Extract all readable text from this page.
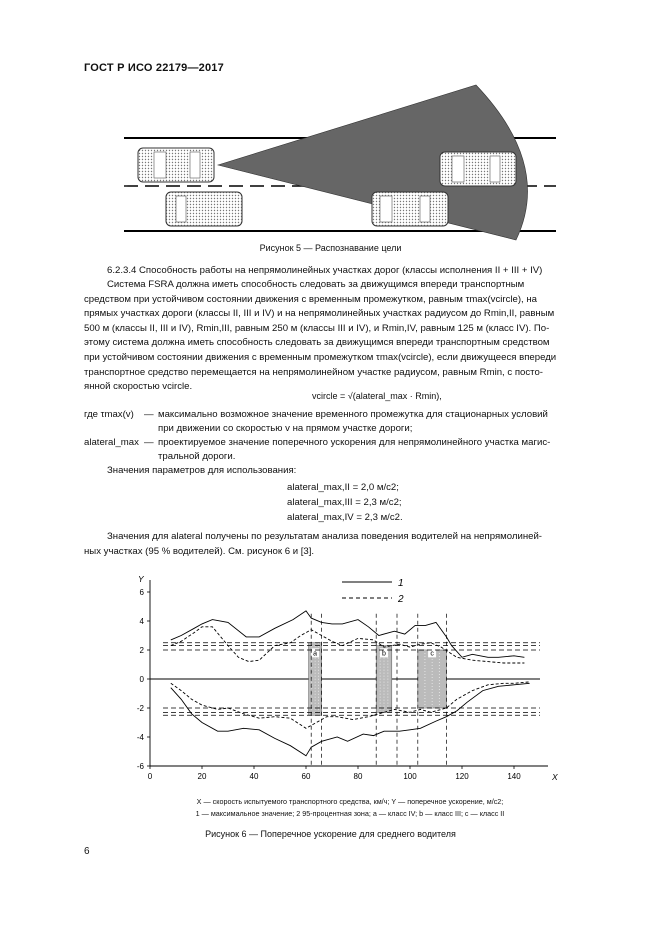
ГОСТ Р ИСО 22179—2017
Рисунок 5 — Распознавание цели
6.2.3.4 Способность работы на непрямолинейных участках дорог (классы исполнения II + III + IV)
Система FSRA должна иметь способность следовать за движущимся впереди транспортным
средством при устойчивом состоянии движения с временным промежутком, равным τmax(vcircle), на
прямых участках дороги (классы II, III и IV) и на непрямолинейных участках радиусом до Rmin,II, равным
500 м (классы II, III и IV), Rmin,III, равным 250 м (классы III и IV), и Rmin,IV, равным 125 м (класс IV). По-
этому система должна иметь способность следовать за движущимся впереди транспортным средством
при устойчивом состоянии движения с временным промежутком τmax(vcircle), если движущееся впереди
транспортное средство перемещается на непрямолинейном участке радиусом, равным Rmin, с посто-
янной скоростью vcircle.
vcircle = √(alateral_max · Rmin),
где τmax(v) — максимально возможное значение временного промежутка для стационарных условий
при движении со скоростью v на прямом участке дороги;
alateral_max — проектируемое значение поперечного ускорения для непрямолинейного участка магис-
тральной дороги.
Значения параметров для использования:
alateral_max,II = 2,0 м/с2;
alateral_max,III = 2,3 м/с2;
alateral_max,IV = 2,3 м/с2.
Значения для alateral получены по результатам анализа поведения водителей на непрямолиней-
ных участках (95 % водителей). См. рисунок 6 и [3].
-6
-4
-2
0
2
4
6
0	20	40	60	80	100	120	140	X
Y
a	b	c
1
2
X — скорость испытуемого транспортного средства, км/ч; Y — поперечное ускорение, м/с2;
1 — максимальное значение; 2 95-процентная зона; a — класс IV; b — класс III; c — класс II
Рисунок 6 — Поперечное ускорение для среднего водителя
6
